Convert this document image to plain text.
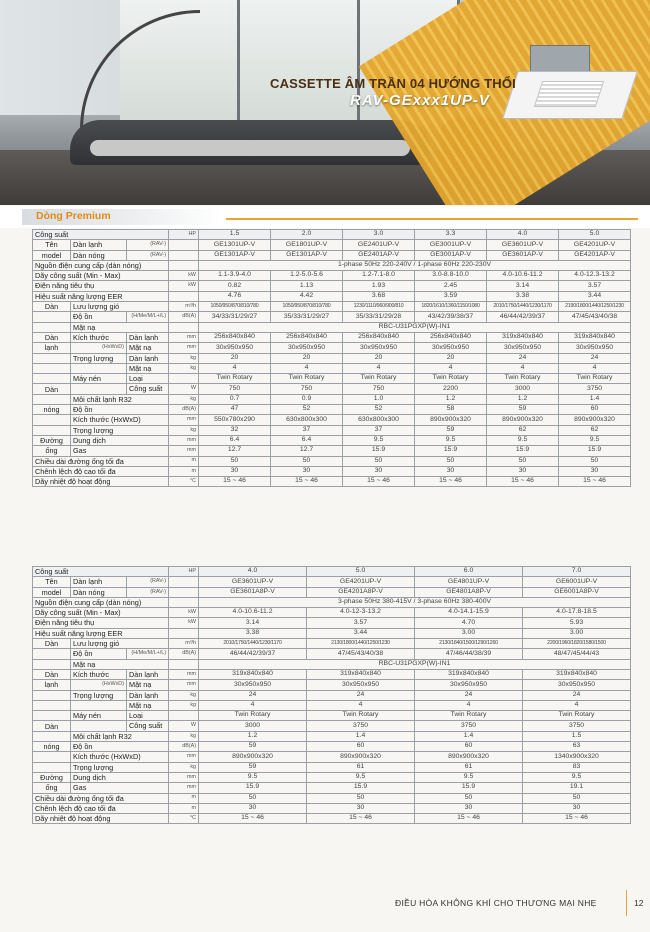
CASSETTE ÂM TRẦN 04 HƯỚNG THỔI
RAV-GExxx1UP-V
Dòng Premium
Công suất			HP	1.5	2.0	3.0	3.3	4.0	5.0
Tên	Dàn lạnh	(RAV-)		GE1301UP-V	GE1801UP-V	GE2401UP-V	GE3001UP-V	GE3601UP-V	GE4201UP-V
model	Dàn nóng	(RAV-)		GE1301AP-V	GE1301AP-V	GE2401AP-V	GE3001AP-V	GE3601AP-V	GE4201AP-V
Nguồn điện cung cấp (dàn nóng)				1-phase 50Hz 220-240V / 1-phase 60Hz 220-230V					
Dãy công suất (Min - Max)			kW	1.1-3.9-4.0	1.2-5.0-5.6	1.2-7.1-8.0	3.0-8.8-10.0	4.0-10.6-11.2	4.0-12.3-13.2
Điện năng tiêu thụ			kW	0.82	1.13	1.93	2.45	3.14	3.57
Hiệu suất năng lượng EER				4.76	4.42	3.68	3.59	3.38	3.44
Dàn	Lưu lượng gió		m³/h	1050/950/870/810/780	1050/950/870/810/780	1230/1110/960/900/810	1820/1610/1360/1150/1080	2010/1750/1440/1230/1170	2190/1800/1440/1250/1230
	Độ ồn	(H/Me/M/L+/L)	dB(A)	34/33/31/29/27	35/33/31/29/27	35/33/31/29/28	43/42/39/38/37	46/44/42/39/37	47/45/43/40/38
	Mặt nạ			RBC-U31PGXP(W)-IN1					
Dàn	Kích thước	Dàn lạnh	mm	256x840x840	256x840x840	256x840x840	256x840x840	319x840x840	319x840x840
lạnh	(HxWxD)	Mặt nạ	mm	30x950x950	30x950x950	30x950x950	30x950x950	30x950x950	30x950x950
	Trọng lượng	Dàn lạnh	kg	20	20	20	20	24	24
		Mặt nạ	kg	4	4	4	4	4	4
	Máy nén	Loại		Twin Rotary	Twin Rotary	Twin Rotary	Twin Rotary	Twin Rotary	Twin Rotary
Dàn		Công suất	W	750	750	750	2200	3000	3750
	Môi chất lạnh R32		kg	0.7	0.9	1.0	1.2	1.2	1.4
nóng	Độ ồn		dB(A)	47	52	52	58	59	60
	Kích thước (HxWxD)		mm	550x780x290	630x800x300	630x800x300	890x900x320	890x900x320	890x900x320
	Trọng lượng		kg	32	37	37	59	62	62
Đường	Dung dịch		mm	6.4	6.4	9.5	9.5	9.5	9.5
ống	Gas		mm	12.7	12.7	15.9	15.9	15.9	15.9
Chiều dài đường ống tối đa			m	50	50	50	50	50	50
Chênh lệch độ cao tối đa			m	30	30	30	30	30	30
Dãy nhiệt độ hoạt động			°C	15 ~ 46	15 ~ 46	15 ~ 46	15 ~ 46	15 ~ 46	15 ~ 46
Công suất			HP	4.0	5.0	6.0	7.0
Tên	Dàn lạnh	(RAV-)		GE3601UP-V	GE4201UP-V	GE4801UP-V	GE6001UP-V
model	Dàn nóng	(RAV-)		GE3601A8P-V	GE4201A8P-V	GE4801A8P-V	GE6001A8P-V
Nguồn điện cung cấp (dàn nóng)				3-phase 50Hz 380-415V / 3-phase 60Hz 380-400V			
Dãy công suất (Min - Max)			kW	4.0-10.6-11.2	4.0-12-3-13.2	4.0-14.1-15.9	4.0-17.8-18.5
Điện năng tiêu thụ			kW	3.14	3.57	4.70	5.93
Hiệu suất năng lượng EER				3.38	3.44	3.00	3.00
Dàn	Lưu lượng gió		m³/h	2010/1750/1440/1230/1170	2130/1800/1440/1250/1230	2130/1840/1500/1290/1260	2200/1960/1820/1580/1500
	Độ ồn	(H/Me/M/L+/L)	dB(A)	46/44/42/39/37	47/45/43/40/38	47/46/44/38/39	48/47/45/44/43
	Mặt nạ			RBC-U31PGXP(W)-IN1			
Dàn	Kích thước	Dàn lạnh	mm	319x840x840	319x840x840	319x840x840	319x840x840
lạnh	(HxWxD)	Mặt nạ	mm	30x950x950	30x950x950	30x950x950	30x950x950
	Trọng lượng	Dàn lạnh	kg	24	24	24	24
		Mặt nạ	kg	4	4	4	4
	Máy nén	Loại		Twin Rotary	Twin Rotary	Twin Rotary	Twin Rotary
Dàn		Công suất	W	3000	3750	3750	3750
	Môi chất lạnh R32		kg	1.2	1.4	1.4	1.5
nóng	Độ ồn		dB(A)	59	60	60	63
	Kích thước (HxWxD)		mm	890x900x320	890x900x320	890x900x320	1340x900x320
	Trọng lượng		kg	59	61	61	83
Đường	Dung dịch		mm	9.5	9.5	9.5	9.5
ống	Gas		mm	15.9	15.9	15.9	19.1
Chiều dài đường ống tối đa			m	50	50	50	50
Chênh lệch độ cao tối đa			m	30	30	30	30
Dãy nhiệt độ hoạt động			°C	15 ~ 46	15 ~ 46	15 ~ 46	15 ~ 46
ĐIỀU HÒA KHÔNG KHÍ CHO THƯƠNG MẠI NHẸ	12
